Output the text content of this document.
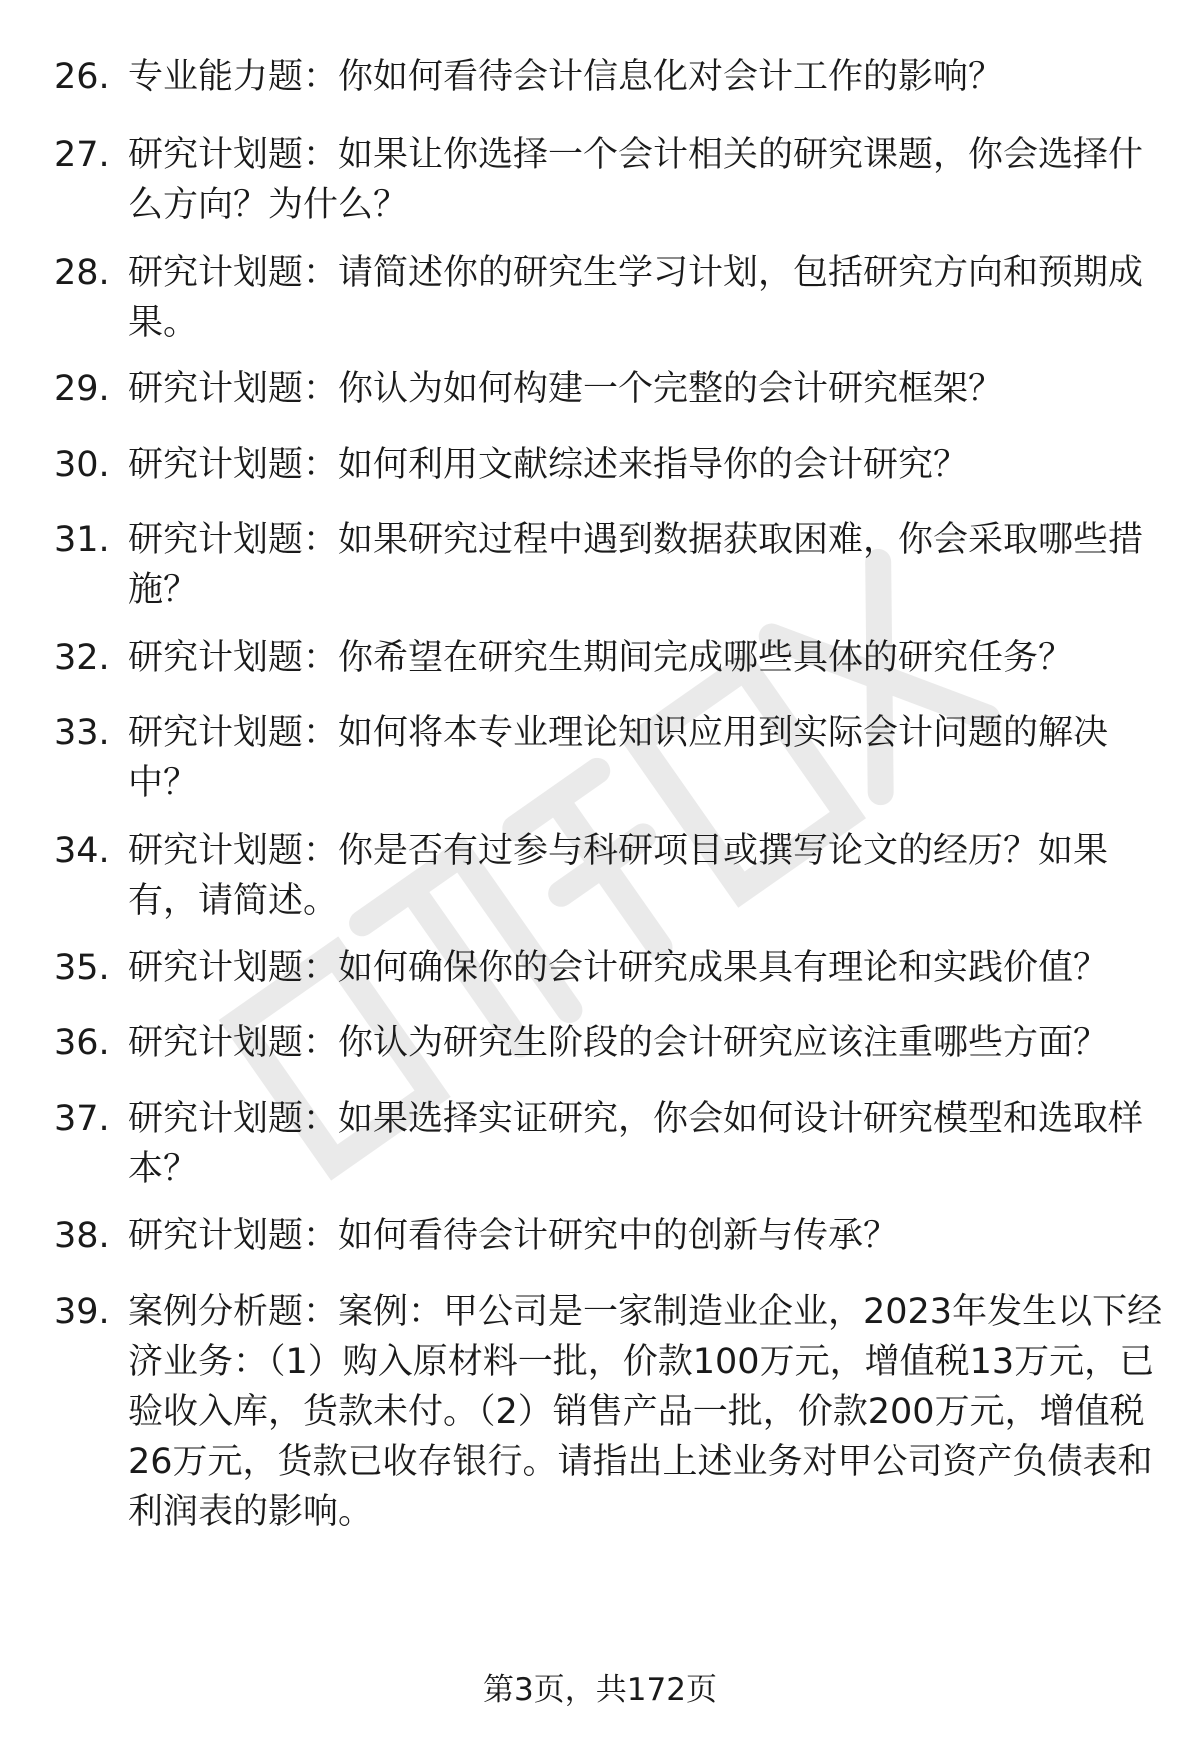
26. 专业能力题：你如何看待会计信息化对会计工作的影响？
27. 研究计划题：如果让你选择一个会计相关的研究课题，你会选择什么方向？为什么？
28. 研究计划题：请简述你的研究生学习计划，包括研究方向和预期成果。
29. 研究计划题：你认为如何构建一个完整的会计研究框架？
30. 研究计划题：如何利用文献综述来指导你的会计研究？
31. 研究计划题：如果研究过程中遇到数据获取困难，你会采取哪些措施？
32. 研究计划题：你希望在研究生期间完成哪些具体的研究任务？
33. 研究计划题：如何将本专业理论知识应用到实际会计问题的解决中？
34. 研究计划题：你是否有过参与科研项目或撰写论文的经历？如果有，请简述。
35. 研究计划题：如何确保你的会计研究成果具有理论和实践价值？
36. 研究计划题：你认为研究生阶段的会计研究应该注重哪些方面？
37. 研究计划题：如果选择实证研究，你会如何设计研究模型和选取样本？
38. 研究计划题：如何看待会计研究中的创新与传承？
39. 案例分析题：案例：甲公司是一家制造业企业，2023年发生以下经济业务：（1）购入原材料一批，价款100万元，增值税13万元，已验收入库，货款未付。（2）销售产品一批，价款200万元，增值税26万元，货款已收存银行。请指出上述业务对甲公司资产负债表和利润表的影响。
第3页，共172页
